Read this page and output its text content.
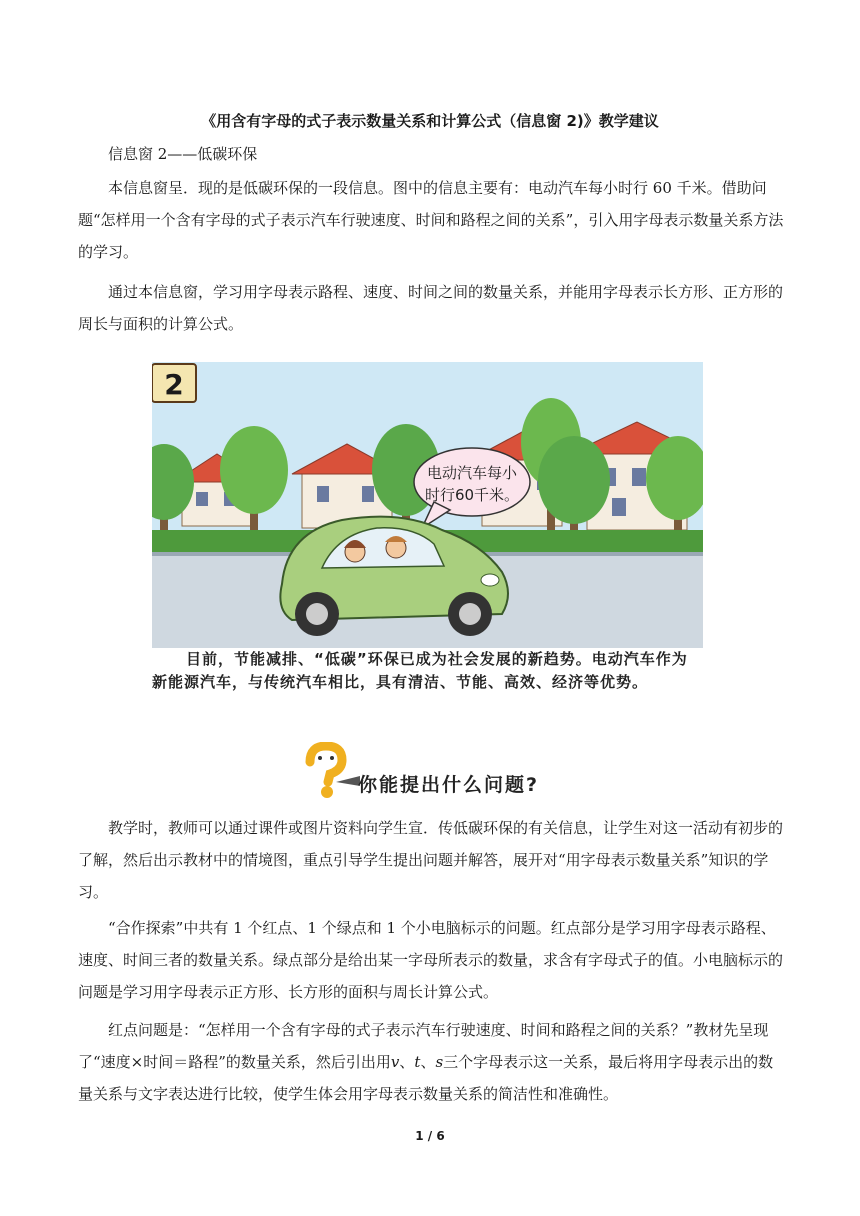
《用含有字母的式子表示数量关系和计算公式（信息窗 2)》教学建议

信息窗 2——低碳环保

本信息窗呈．现的是低碳环保的一段信息。图中的信息主要有：电动汽车每小时行 60 千米。借助问题“怎样用一个含有字母的式子表示汽车行驶速度、时间和路程之间的关系”，引入用字母表示数量关系方法的学习。

通过本信息窗，学习用字母表示路程、速度、时间之间的数量关系，并能用字母表示长方形、正方形的周长与面积的计算公式。

2
电动汽车每小
时行60千米。

目前，节能减排、“低碳”环保已成为社会发展的新趋势。电动汽车作为新能源汽车，与传统汽车相比，具有清洁、节能、高效、经济等优势。

你能提出什么问题?

教学时，教师可以通过课件或图片资料向学生宣．传低碳环保的有关信息，让学生对这一活动有初步的了解，然后出示教材中的情境图，重点引导学生提出问题并解答，展开对“用字母表示数量关系”知识的学习。

“合作探索”中共有 1 个红点、1 个绿点和 1 个小电脑标示的问题。红点部分是学习用字母表示路程、速度、时间三者的数量关系。绿点部分是给出某一字母所表示的数量，求含有字母式子的值。小电脑标示的问题是学习用字母表示正方形、长方形的面积与周长计算公式。

红点问题是：“怎样用一个含有字母的式子表示汽车行驶速度、时间和路程之间的关系？”教材先呈现了“速度×时间＝路程”的数量关系，然后引出用v、t、s三个字母表示这一关系，最后将用字母表示出的数量关系与文字表达进行比较，使学生体会用字母表示数量关系的简洁性和准确性。

1 / 6
